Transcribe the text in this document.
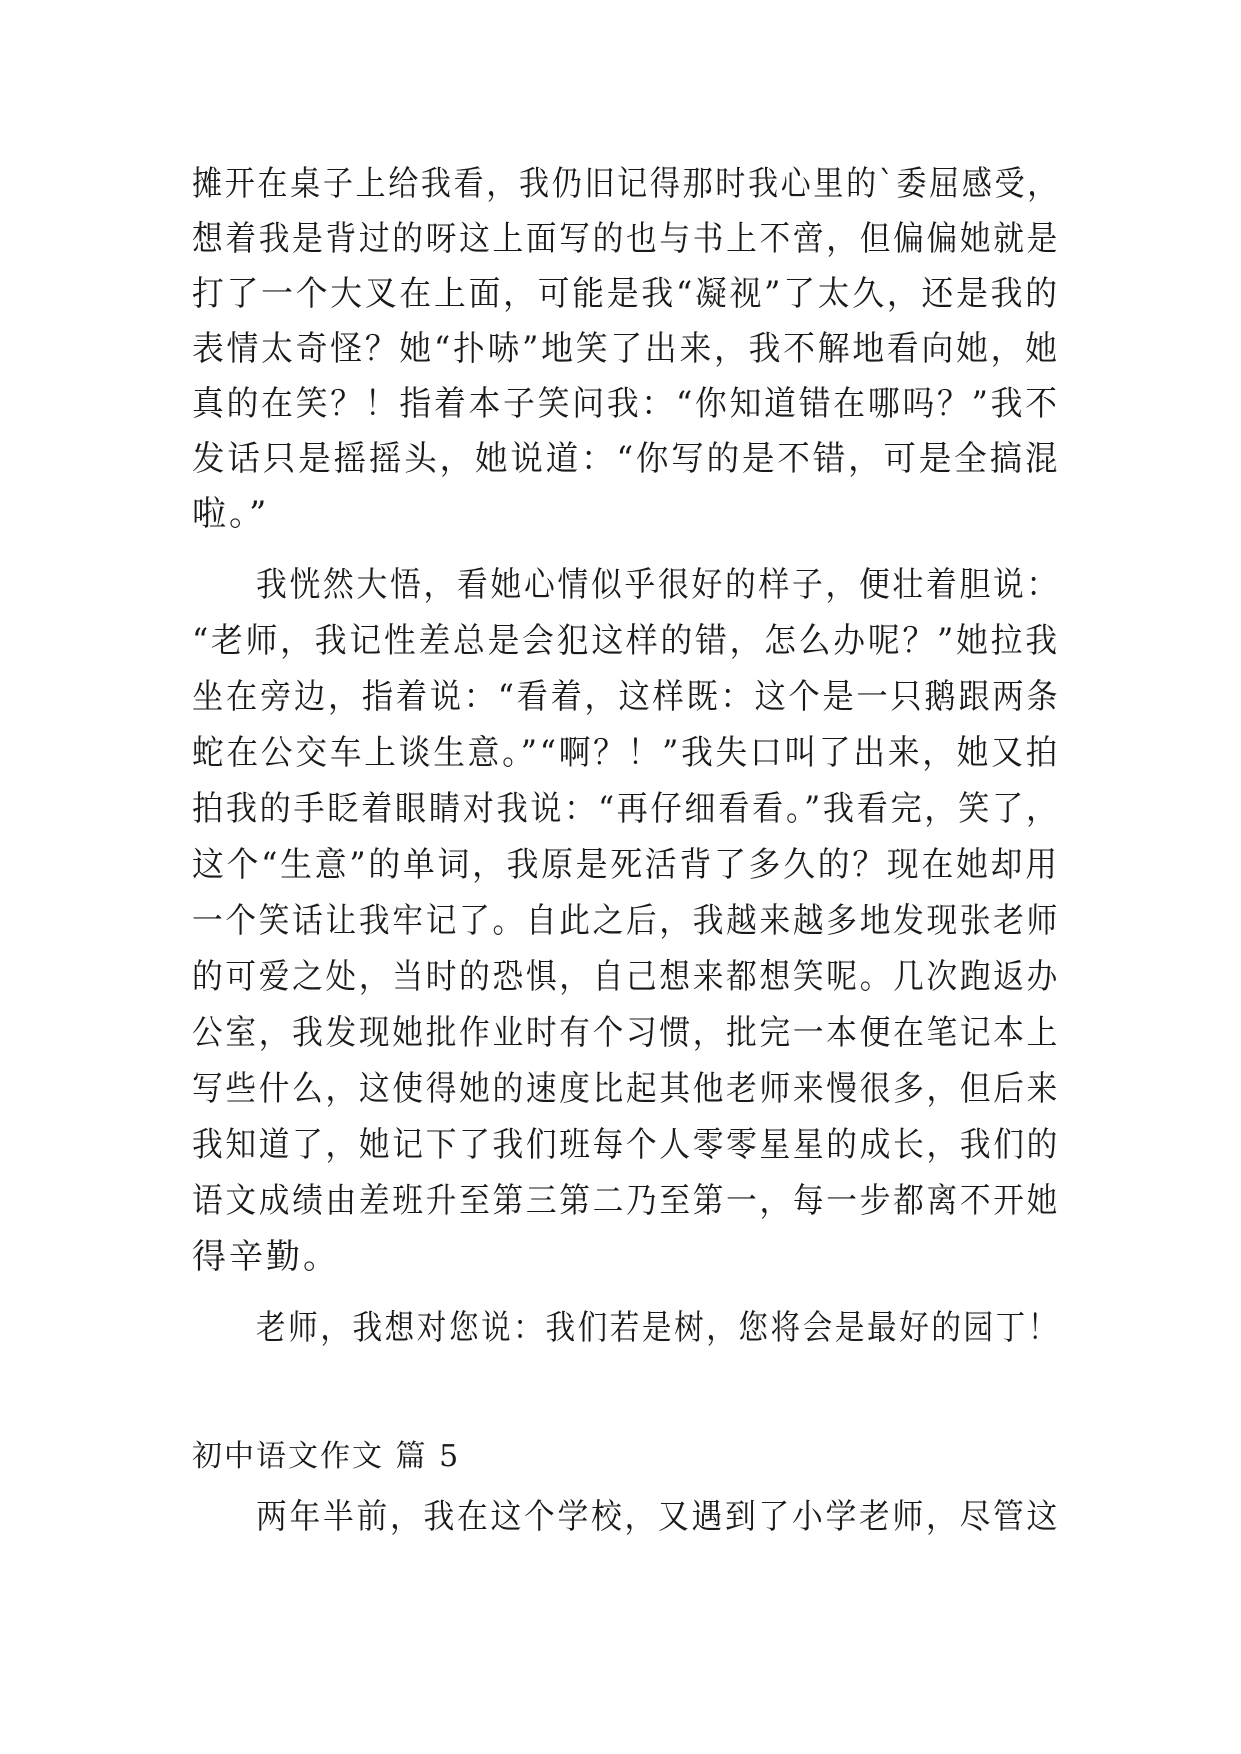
摊开在桌子上给我看，我仍旧记得那时我心里的`委屈感受，
想着我是背过的呀这上面写的也与书上不啻，但偏偏她就是
打了一个大叉在上面，可能是我“凝视”了太久，还是我的
表情太奇怪？她“扑哧”地笑了出来，我不解地看向她，她
真的在笑？！指着本子笑问我：“你知道错在哪吗？”我不
发话只是摇摇头，她说道：“你写的是不错，可是全搞混
啦。”
我恍然大悟，看她心情似乎很好的样子，便壮着胆说：
“老师，我记性差总是会犯这样的错，怎么办呢？”她拉我
坐在旁边，指着说：“看着，这样既：这个是一只鹅跟两条
蛇在公交车上谈生意。”“啊？！”我失口叫了出来，她又拍
拍我的手眨着眼睛对我说：“再仔细看看。”我看完，笑了，
这个“生意”的单词，我原是死活背了多久的？现在她却用
一个笑话让我牢记了。自此之后，我越来越多地发现张老师
的可爱之处，当时的恐惧，自己想来都想笑呢。几次跑返办
公室，我发现她批作业时有个习惯，批完一本便在笔记本上
写些什么，这使得她的速度比起其他老师来慢很多，但后来
我知道了，她记下了我们班每个人零零星星的成长，我们的
语文成绩由差班升至第三第二乃至第一，每一步都离不开她
得辛勤。
老师，我想对您说：我们若是树，您将会是最好的园丁！
初中语文作文 篇 5
两年半前，我在这个学校，又遇到了小学老师，尽管这
